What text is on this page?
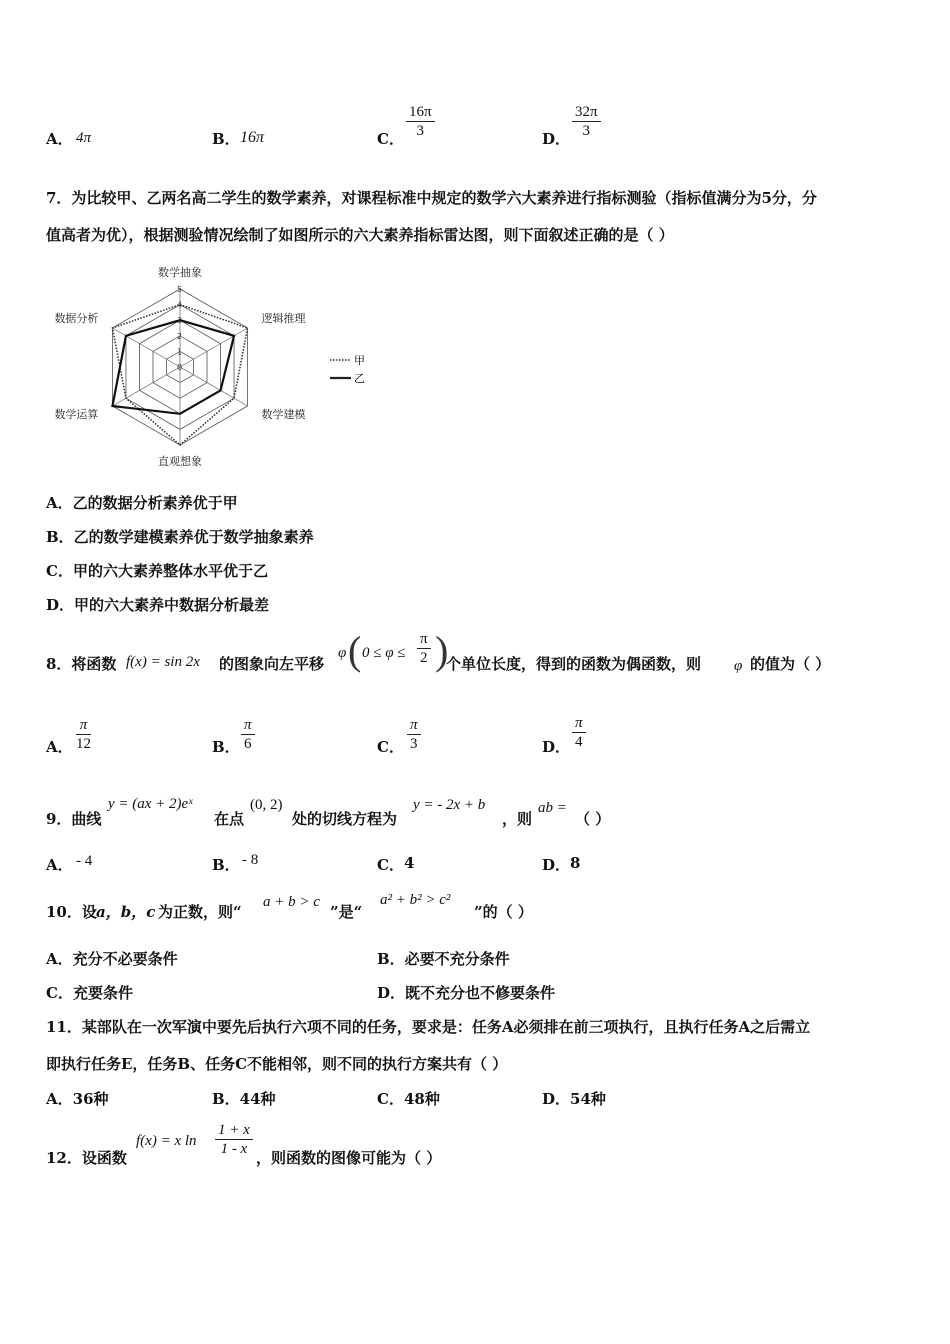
A． 4π	B． 16π	C． $\frac{16\pi}{3}$	D． $\frac{32\pi}{3}$
7．为比较甲、乙两名高二学生的数学素养，对课程标准中规定的数学六大素养进行指标测验（指标值满分为5分，分
值高者为优），根据测验情况绘制了如图所示的六大素养指标雷达图，则下面叙述正确的是（ ）
0
1
2
3
4
5
数学抽象
逻辑推理
数学建模
直观想象
数学运算
数据分析
甲
乙
A．乙的数据分析素养优于甲
B．乙的数学建模素养优于数学抽象素养
C．甲的六大素养整体水平优于乙
D．甲的六大素养中数据分析最差
8．将函数 f(x) = sin 2x 的图象向左平移
φ ( $0 \le \varphi \le \frac{\pi}{2}$ )
个单位长度，得到的函数为偶函数，则 φ 的值为（ ）
A． $\frac{\pi}{12}$	B． $\frac{\pi}{6}$	C． $\frac{\pi}{3}$	D． $\frac{\pi}{4}$
9．曲线
y = (ax + 2)eˣ
在点
(0, 2)
处的切线方程为
y = - 2x + b
，则
ab =
（ ）
A． - 4	B． - 8	C． 4	D． 8
10．设 a，b，c 为正数，则“
a + b > c
”是“
a² + b² > c²
”的（ ）
A．充分不必要条件	B．必要不充分条件
C．充要条件	D．既不充分也不修要条件
11．某部队在一次军演中要先后执行六项不同的任务，要求是：任务A必须排在前三项执行，且执行任务A之后需立
即执行任务E，任务B、任务C不能相邻，则不同的执行方案共有（ ）
A．36种	B．44种	C．48种	D．54种
12．设函数
f(x) = x $\ln \frac{1 + x}{1 - x}$ ，则函数的图像可能为（ ）
